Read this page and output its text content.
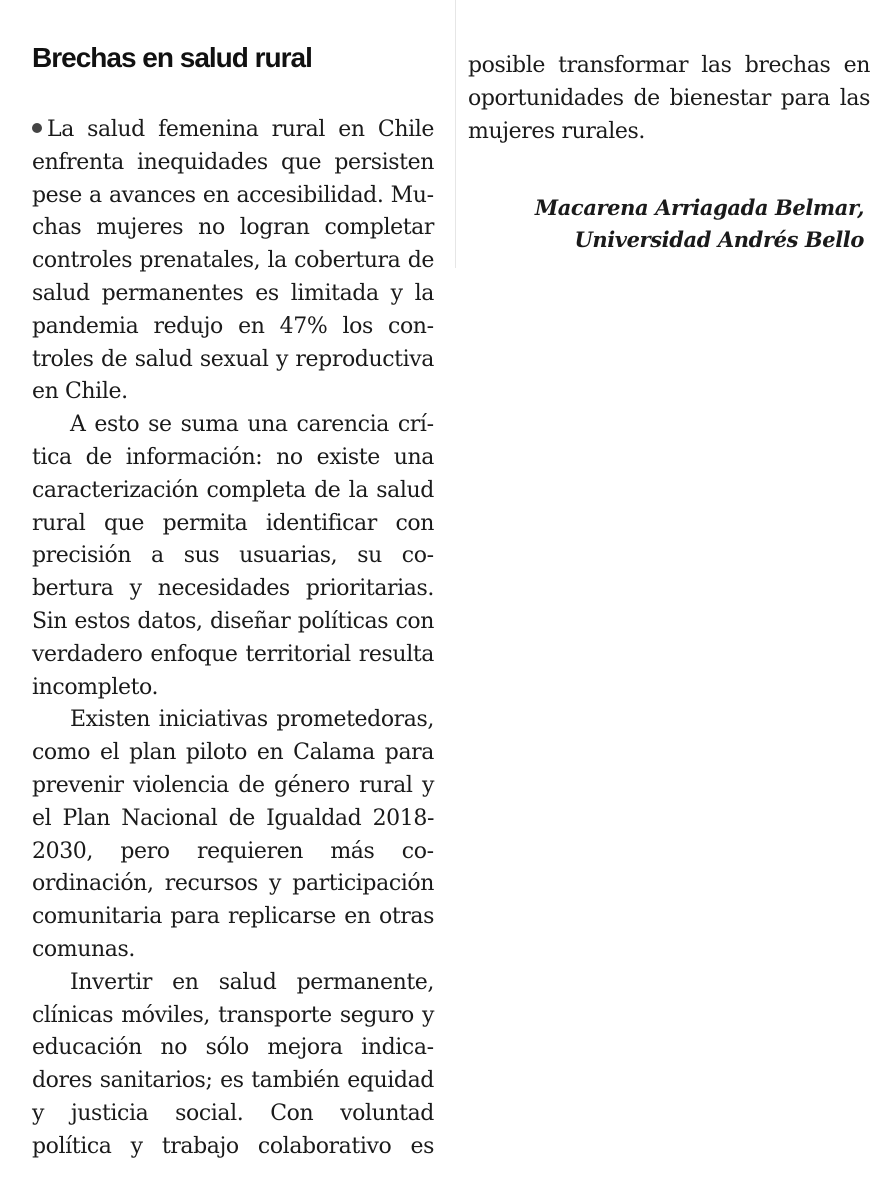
Brechas en salud rural

La salud femenina rural en Chile enfrenta inequidades que persisten pese a avances en accesibilidad. Muchas mujeres no logran completar controles prenatales, la cobertura de salud permanentes es limitada y la pandemia redujo en 47% los controles de salud sexual y reproductiva en Chile.

A esto se suma una carencia crítica de información: no existe una caracterización completa de la salud rural que permita identificar con precisión a sus usuarias, su cobertura y necesidades prioritarias. Sin estos datos, diseñar políticas con verdadero enfoque territorial resulta incompleto.

Existen iniciativas prometedoras, como el plan piloto en Calama para prevenir violencia de género rural y el Plan Nacional de Igualdad 2018-2030, pero requieren más coordinación, recursos y participación comunitaria para replicarse en otras comunas.

Invertir en salud permanente, clínicas móviles, transporte seguro y educación no sólo mejora indicadores sanitarios; es también equidad y justicia social. Con voluntad política y trabajo colaborativo es

posible transformar las brechas en oportunidades de bienestar para las mujeres rurales.

Macarena Arriagada Belmar,
Universidad Andrés Bello
